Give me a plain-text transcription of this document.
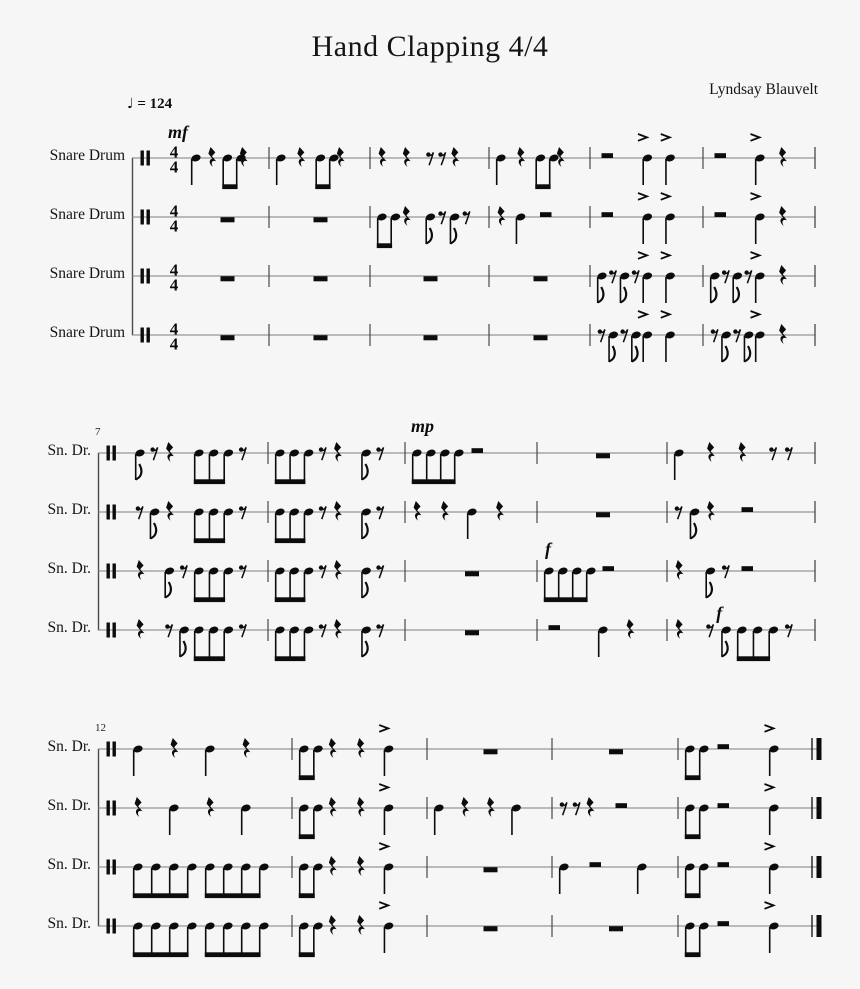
Hand Clapping 4/4
Lyndsay Blauvelt
♩ = 124
4
4
4
4
4
4
4
4
Snare Drum
Snare Drum
Snare Drum
Snare Drum
Sn. Dr.
Sn. Dr.
Sn. Dr.
Sn. Dr.
7
Sn. Dr.
Sn. Dr.
Sn. Dr.
Sn. Dr.
12
mf
mp
f
f
